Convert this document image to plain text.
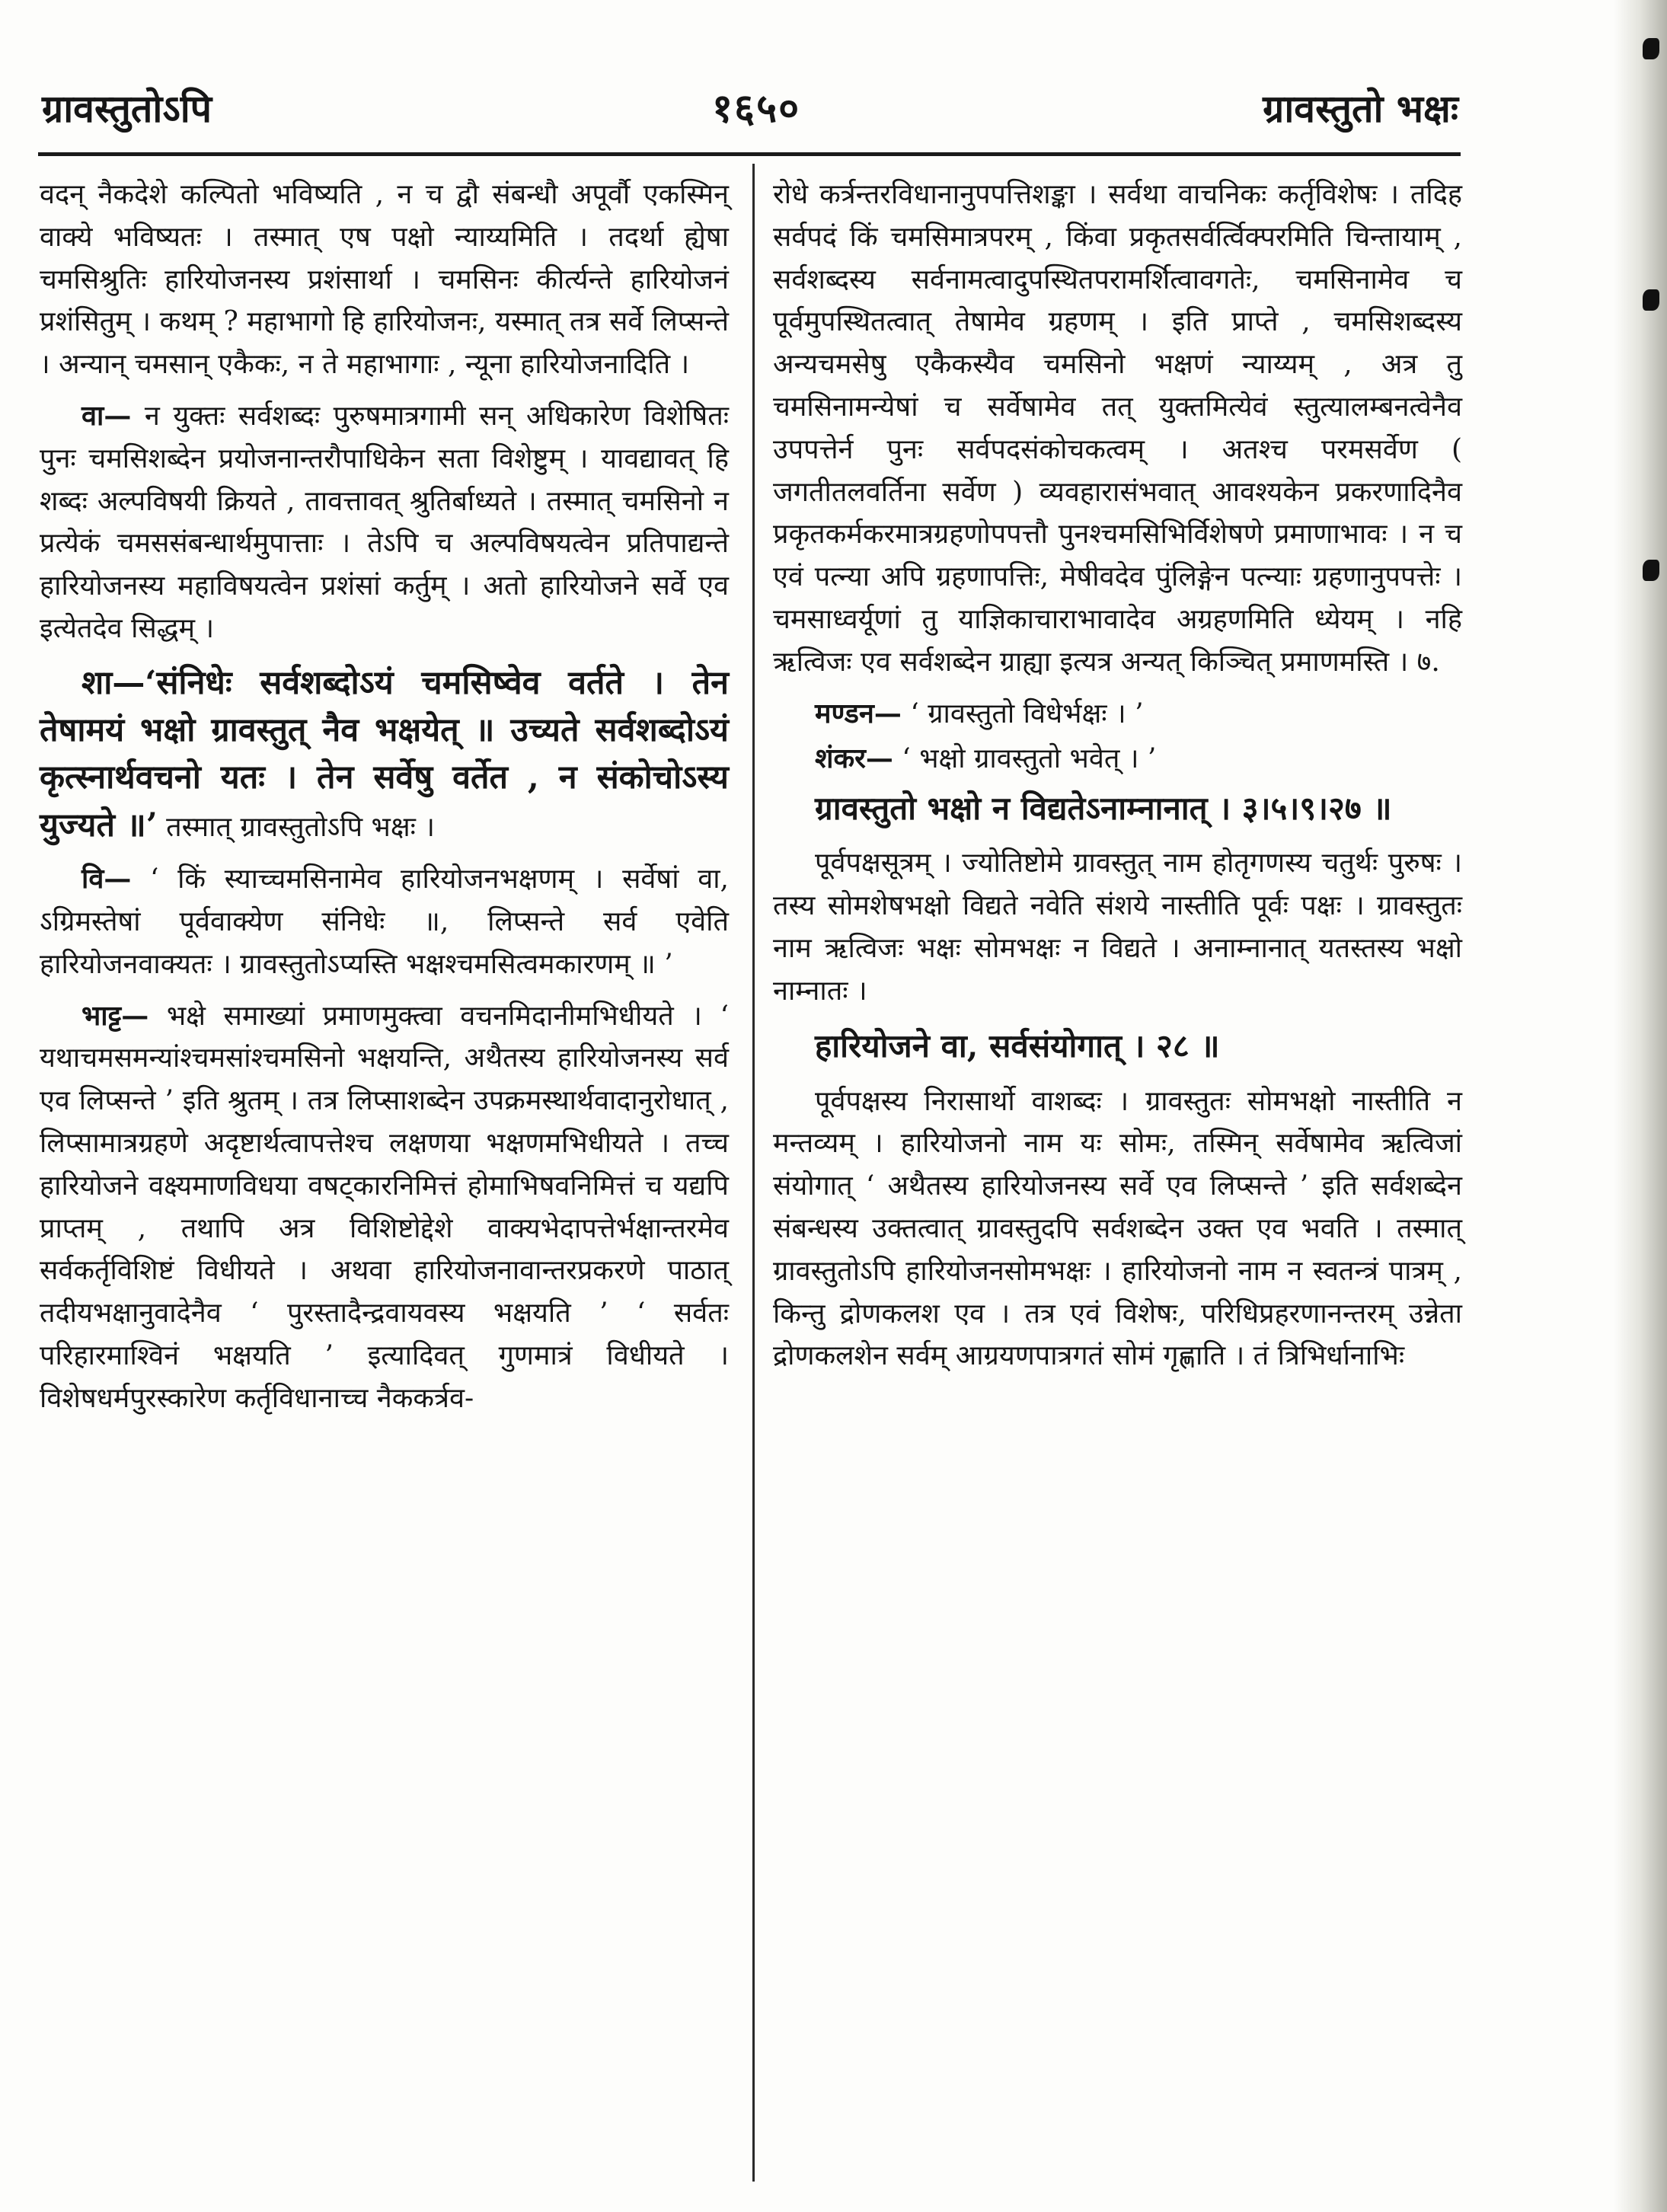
ग्रावस्तुतोऽपि	१६५०	ग्रावस्तुतो भक्षः

वदन् नैकदेशे कल्पितो भविष्यति , न च द्वौ संबन्धौ अपूर्वौ एकस्मिन् वाक्ये भविष्यतः । तस्मात् एष पक्षो न्याय्यमिति । तदर्था ह्येषा चमसिश्रुतिः हारियोजनस्य प्रशंसार्था । चमसिनः कीर्त्यन्ते हारियोजनं प्रशंसितुम् । कथम् ? महाभागो हि हारियोजनः, यस्मात् तत्र सर्वे लिप्सन्ते । अन्यान् चमसान् एकैकः, न ते महाभागाः , न्यूना हारियोजनादिति ।

वा— न युक्तः सर्वशब्दः पुरुषमात्रगामी सन् अधिकारेण विशेषितः पुनः चमसिशब्देन प्रयोजनान्तरौपाधिकेन सता विशेष्टुम् । यावद्यावत् हि शब्दः अल्पविषयी क्रियते , तावत्तावत् श्रुतिर्बाध्यते । तस्मात् चमसिनो न प्रत्येकं चमससंबन्धार्थमुपात्ताः । तेऽपि च अल्पविषयत्वेन प्रतिपाद्यन्ते हारियोजनस्य महाविषयत्वेन प्रशंसां कर्तुम् । अतो हारियोजने सर्वे एव इत्येतदेव सिद्धम् ।

शा—‘संनिधेः सर्वशब्दोऽयं चमसिष्वेव वर्तते । तेन तेषामयं भक्षो ग्रावस्तुत् नैव भक्षयेत् ॥ उच्यते सर्वशब्दोऽयं कृत्स्नार्थवचनो यतः । तेन सर्वेषु वर्तेत , न संकोचोऽस्य युज्यते ॥’ तस्मात् ग्रावस्तुतोऽपि भक्षः ।

वि— ‘ किं स्याच्चमसिनामेव हारियोजनभक्षणम् । सर्वेषां वा, ऽग्रिमस्तेषां पूर्ववाक्येण संनिधेः ॥, लिप्सन्ते सर्व एवेति हारियोजनवाक्यतः । ग्रावस्तुतोऽप्यस्ति भक्षश्चमसित्वमकारणम् ॥ ’

भाट्ट— भक्षे समाख्यां प्रमाणमुक्त्वा वचनमिदानीमभिधीयते । ‘ यथाचमसमन्यांश्चमसांश्चमसिनो भक्षयन्ति, अथैतस्य हारियोजनस्य सर्व एव लिप्सन्ते ’ इति श्रुतम् । तत्र लिप्साशब्देन उपक्रमस्थार्थवादानुरोधात् , लिप्सामात्रग्रहणे अदृष्टार्थत्वापत्तेश्च लक्षणया भक्षणमभिधीयते । तच्च हारियोजने वक्ष्यमाणविधया वषट्कारनिमित्तं होमाभिषवनिमित्तं च यद्यपि प्राप्तम् , तथापि अत्र विशिष्टोद्देशे वाक्यभेदापत्तेर्भक्षान्तरमेव सर्वकर्तृविशिष्टं विधीयते । अथवा हारियोजनावान्तरप्रकरणे पाठात् तदीयभक्षानुवादेनैव ‘ पुरस्तादैन्द्रवायवस्य भक्षयति ’ ‘ सर्वतः परिहारमाश्विनं भक्षयति ’ इत्यादिवत् गुणमात्रं विधीयते । विशेषधर्मपुरस्कारेण कर्तृविधानाच्च नैककर्त्रव-

रोधे कर्त्रन्तरविधानानुपपत्तिशङ्का । सर्वथा वाचनिकः कर्तृविशेषः । तदिह सर्वपदं किं चमसिमात्रपरम् , किंवा प्रकृतसर्वर्त्विक्परमिति चिन्तायाम् , सर्वशब्दस्य सर्वनामत्वादुपस्थितपरामर्शित्वावगतेः, चमसिनामेव च पूर्वमुपस्थितत्वात् तेषामेव ग्रहणम् । इति प्राप्ते , चमसिशब्दस्य अन्यचमसेषु एकैकस्यैव चमसिनो भक्षणं न्याय्यम् , अत्र तु चमसिनामन्येषां च सर्वेषामेव तत् युक्तमित्येवं स्तुत्यालम्बनत्वेनैव उपपत्तेर्न पुनः सर्वपदसंकोचकत्वम् । अतश्च परमसर्वेण ( जगतीतलवर्तिना सर्वेण ) व्यवहारासंभवात् आवश्यकेन प्रकरणादिनैव प्रकृतकर्मकरमात्रग्रहणोपपत्तौ पुनश्चमसिभिर्विशेषणे प्रमाणाभावः । न च एवं पत्न्या अपि ग्रहणापत्तिः, मेषीवदेव पुंलिङ्गेन पत्न्याः ग्रहणानुपपत्तेः । चमसाध्वर्यूणां तु याज्ञिकाचाराभावादेव अग्रहणमिति ध्येयम् । नहि ऋत्विजः एव सर्वशब्देन ग्राह्या इत्यत्र अन्यत् किञ्चित् प्रमाणमस्ति । ७.

मण्डन— ‘ ग्रावस्तुतो विधेर्भक्षः । ’

शंकर— ‘ भक्षो ग्रावस्तुतो भवेत् । ’

ग्रावस्तुतो भक्षो न विद्यतेऽनाम्नानात् । ३।५।९।२७ ॥

पूर्वपक्षसूत्रम् । ज्योतिष्टोमे ग्रावस्तुत् नाम होतृगणस्य चतुर्थः पुरुषः । तस्य सोमशेषभक्षो विद्यते नवेति संशये नास्तीति पूर्वः पक्षः । ग्रावस्तुतः नाम ऋत्विजः भक्षः सोमभक्षः न विद्यते । अनाम्नानात् यतस्तस्य भक्षो नाम्नातः ।

हारियोजने वा, सर्वसंयोगात् । २८ ॥

पूर्वपक्षस्य निरासार्थो वाशब्दः । ग्रावस्तुतः सोमभक्षो नास्तीति न मन्तव्यम् । हारियोजनो नाम यः सोमः, तस्मिन् सर्वेषामेव ऋत्विजां संयोगात् ‘ अथैतस्य हारियोजनस्य सर्वे एव लिप्सन्ते ’ इति सर्वशब्देन संबन्धस्य उक्तत्वात् ग्रावस्तुदपि सर्वशब्देन उक्त एव भवति । तस्मात् ग्रावस्तुतोऽपि हारियोजनसोमभक्षः । हारियोजनो नाम न स्वतन्त्रं पात्रम् , किन्तु द्रोणकलश एव । तत्र एवं विशेषः, परिधिप्रहरणानन्तरम् उन्नेता द्रोणकलशेन सर्वम् आग्रयणपात्रगतं सोमं गृह्णाति । तं त्रिभिर्धानाभिः
